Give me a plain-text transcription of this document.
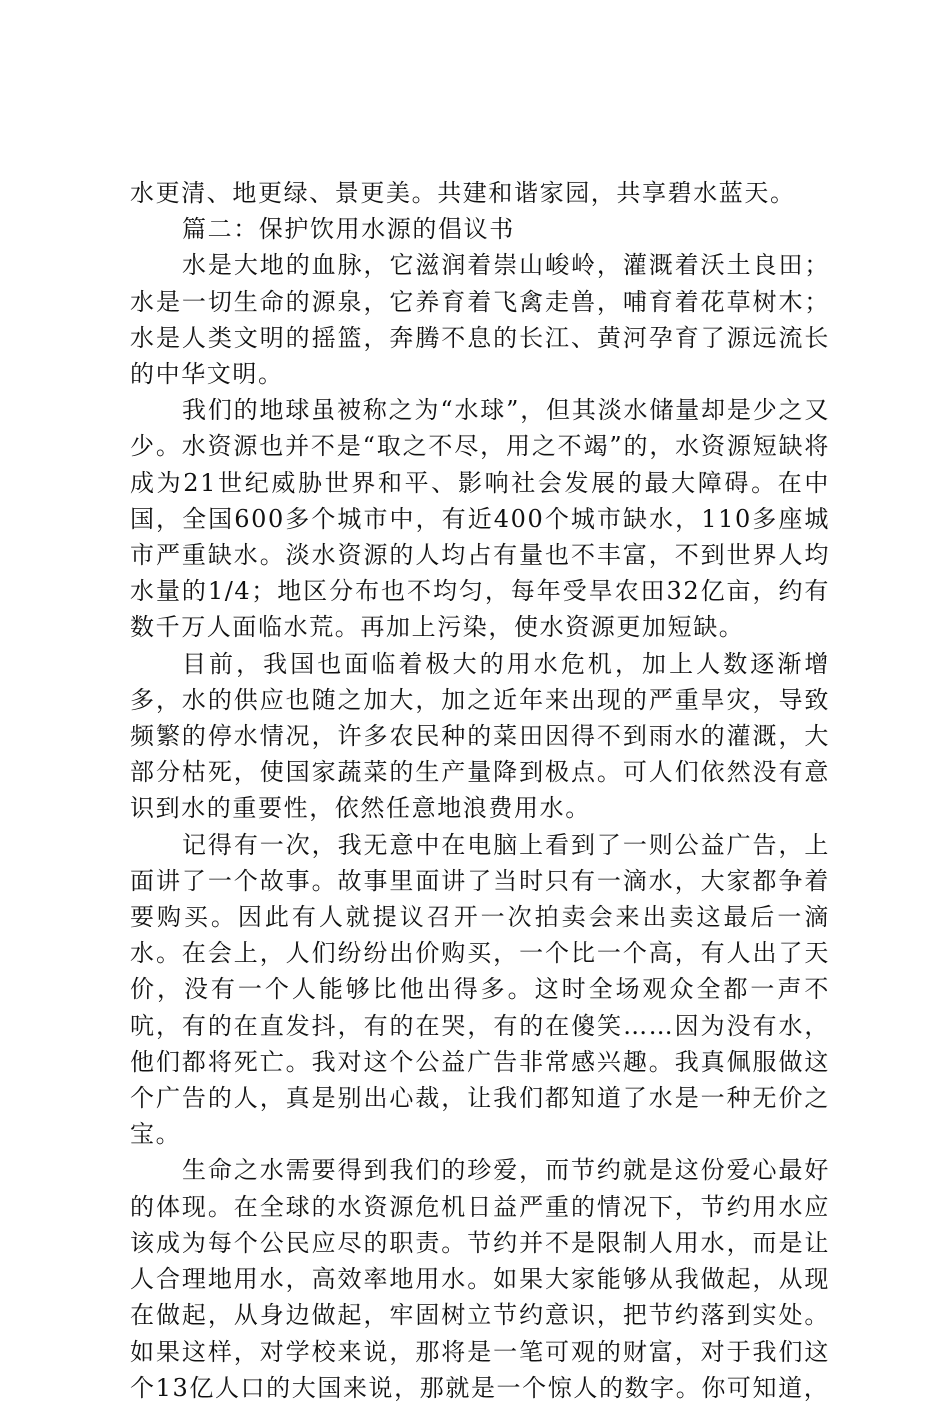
水更清、地更绿、景更美。共建和谐家园，共享碧水蓝天。

篇二：保护饮用水源的倡议书

水是大地的血脉，它滋润着崇山峻岭，灌溉着沃土良田；水是一切生命的源泉，它养育着飞禽走兽，哺育着花草树木；水是人类文明的摇篮，奔腾不息的长江、黄河孕育了源远流长的中华文明。

我们的地球虽被称之为“水球”，但其淡水储量却是少之又少。水资源也并不是“取之不尽，用之不竭”的，水资源短缺将成为21世纪威胁世界和平、影响社会发展的最大障碍。在中国，全国600多个城市中，有近400个城市缺水，110多座城市严重缺水。淡水资源的人均占有量也不丰富，不到世界人均水量的1/4；地区分布也不均匀，每年受旱农田32亿亩，约有数千万人面临水荒。再加上污染，使水资源更加短缺。

目前，我国也面临着极大的用水危机，加上人数逐渐增多，水的供应也随之加大，加之近年来出现的严重旱灾，导致频繁的停水情况，许多农民种的菜田因得不到雨水的灌溉，大部分枯死，使国家蔬菜的生产量降到极点。可人们依然没有意识到水的重要性，依然任意地浪费用水。

记得有一次，我无意中在电脑上看到了一则公益广告，上面讲了一个故事。故事里面讲了当时只有一滴水，大家都争着要购买。因此有人就提议召开一次拍卖会来出卖这最后一滴水。在会上，人们纷纷出价购买，一个比一个高，有人出了天价，没有一个人能够比他出得多。这时全场观众全都一声不吭，有的在直发抖，有的在哭，有的在傻笑……因为没有水，他们都将死亡。我对这个公益广告非常感兴趣。我真佩服做这个广告的人，真是别出心裁，让我们都知道了水是一种无价之宝。

生命之水需要得到我们的珍爱，而节约就是这份爱心最好的体现。在全球的水资源危机日益严重的情况下，节约用水应该成为每个公民应尽的职责。节约并不是限制人用水，而是让人合理地用水，高效率地用水。如果大家能够从我做起，从现在做起，从身边做起，牢固树立节约意识，把节约落到实处。如果这样，对学校来说，那将是一笔可观的财富，对于我们这个13亿人口的大国来说，那就是一个惊人的数字。你可知道，
